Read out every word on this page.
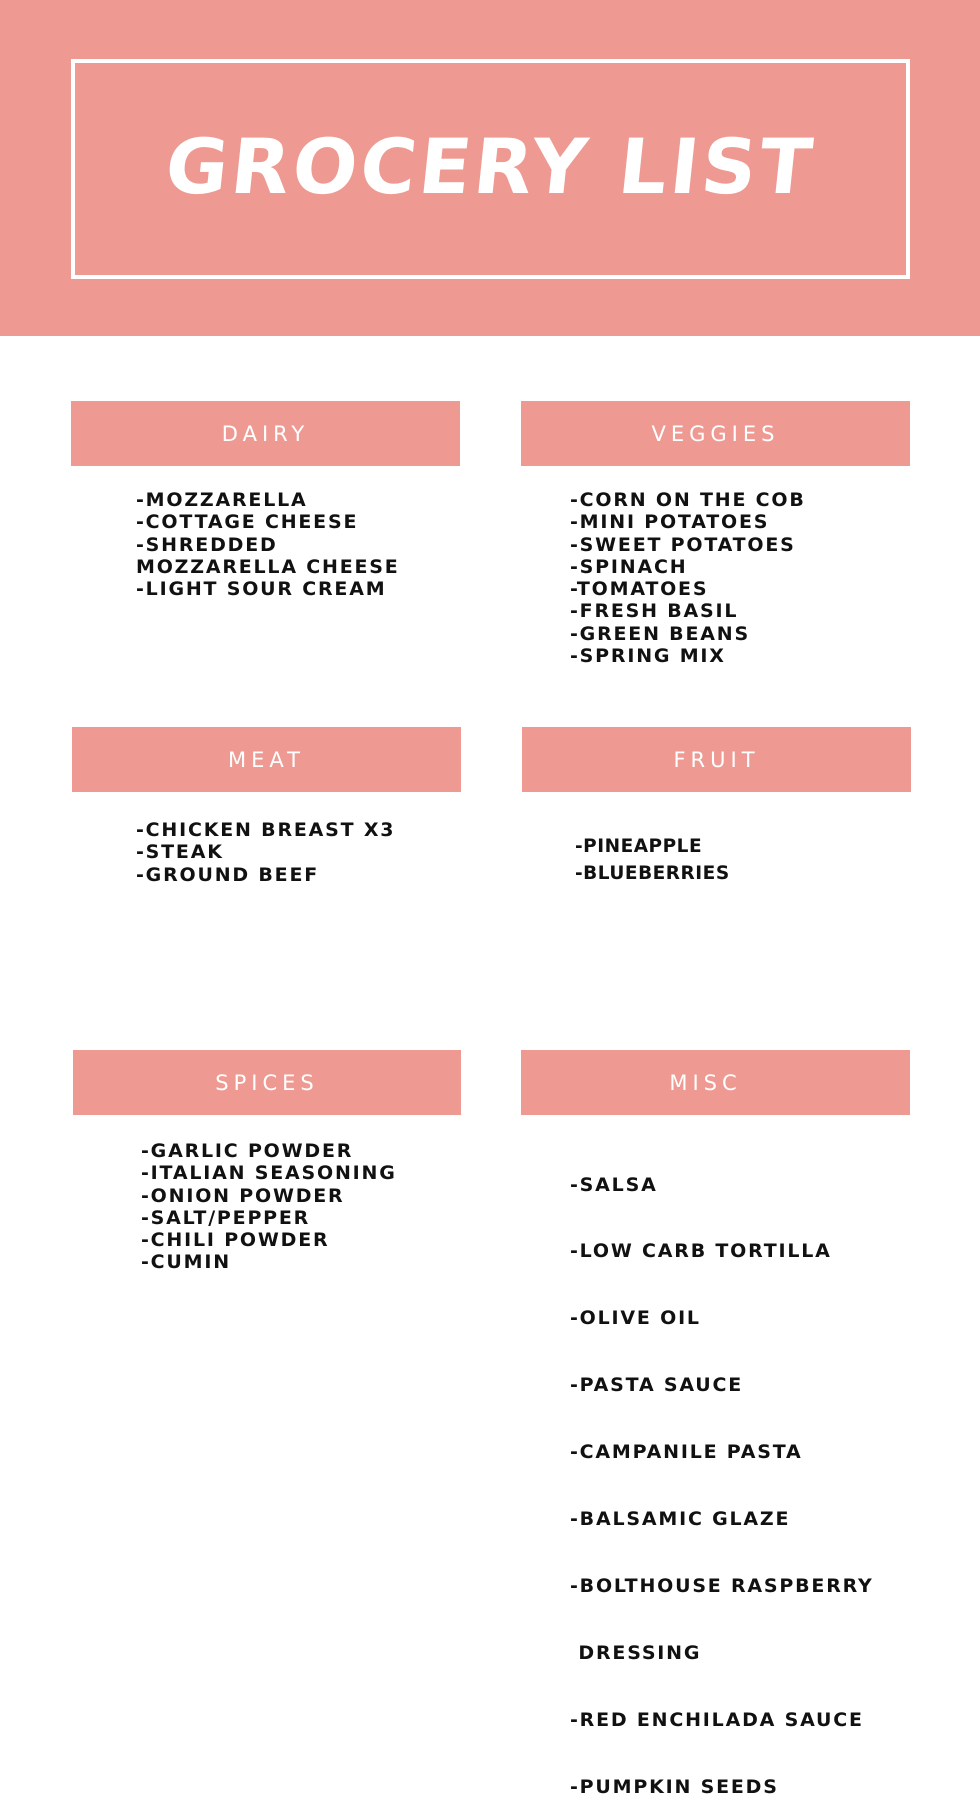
GROCERY LIST
DAIRY
-MOZZARELLA
-COTTAGE CHEESE
-SHREDDED
MOZZARELLA CHEESE
-LIGHT SOUR CREAM
VEGGIES
-CORN ON THE COB
-MINI POTATOES
-SWEET POTATOES
-SPINACH
-TOMATOES
-FRESH BASIL
-GREEN BEANS
-SPRING MIX
MEAT
-CHICKEN BREAST X3
-STEAK
-GROUND BEEF
FRUIT
-PINEAPPLE
-BLUEBERRIES
SPICES
-GARLIC POWDER
-ITALIAN SEASONING
-ONION POWDER
-SALT/PEPPER
-CHILI POWDER
-CUMIN
MISC

-SALSA

-LOW CARB TORTILLA

-OLIVE OIL

-PASTA SAUCE

-CAMPANILE PASTA

-BALSAMIC GLAZE

-BOLTHOUSE RASPBERRY

DRESSING

-RED ENCHILADA SAUCE

-PUMPKIN SEEDS
